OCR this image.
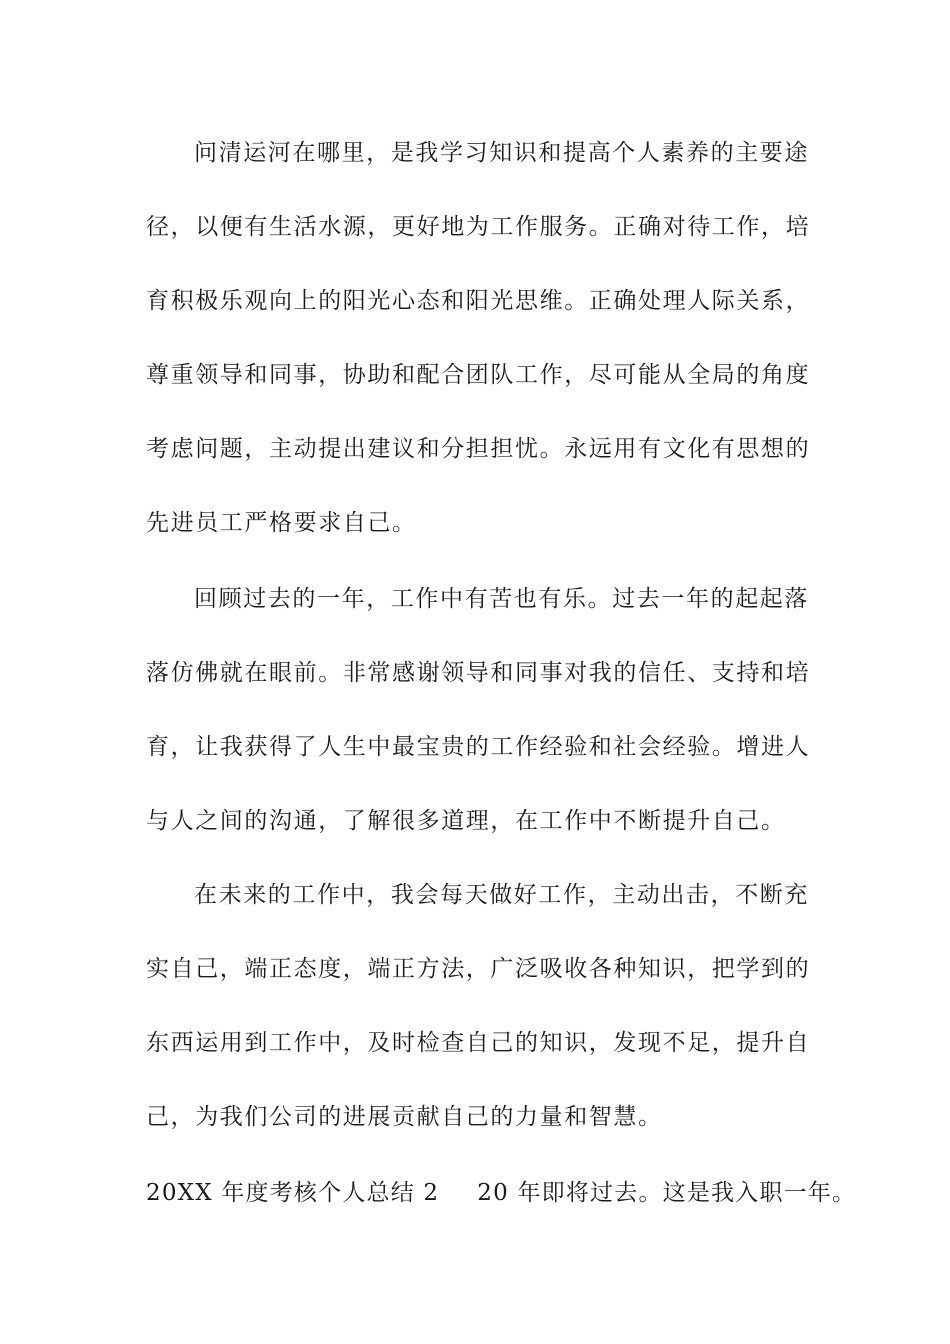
问清运河在哪里，是我学习知识和提高个人素养的主要途
径，以便有生活水源，更好地为工作服务。正确对待工作，培
育积极乐观向上的阳光心态和阳光思维。正确处理人际关系，
尊重领导和同事，协助和配合团队工作，尽可能从全局的角度
考虑问题，主动提出建议和分担担忧。永远用有文化有思想的
先进员工严格要求自己。
回顾过去的一年，工作中有苦也有乐。过去一年的起起落
落仿佛就在眼前。非常感谢领导和同事对我的信任、支持和培
育，让我获得了人生中最宝贵的工作经验和社会经验。增进人
与人之间的沟通，了解很多道理，在工作中不断提升自己。
在未来的工作中，我会每天做好工作，主动出击，不断充
实自己，端正态度，端正方法，广泛吸收各种知识，把学到的
东西运用到工作中，及时检查自己的知识，发现不足，提升自
己，为我们公司的进展贡献自己的力量和智慧。
20XX 年度考核个人总结 2 20 年即将过去。这是我入职一年。
